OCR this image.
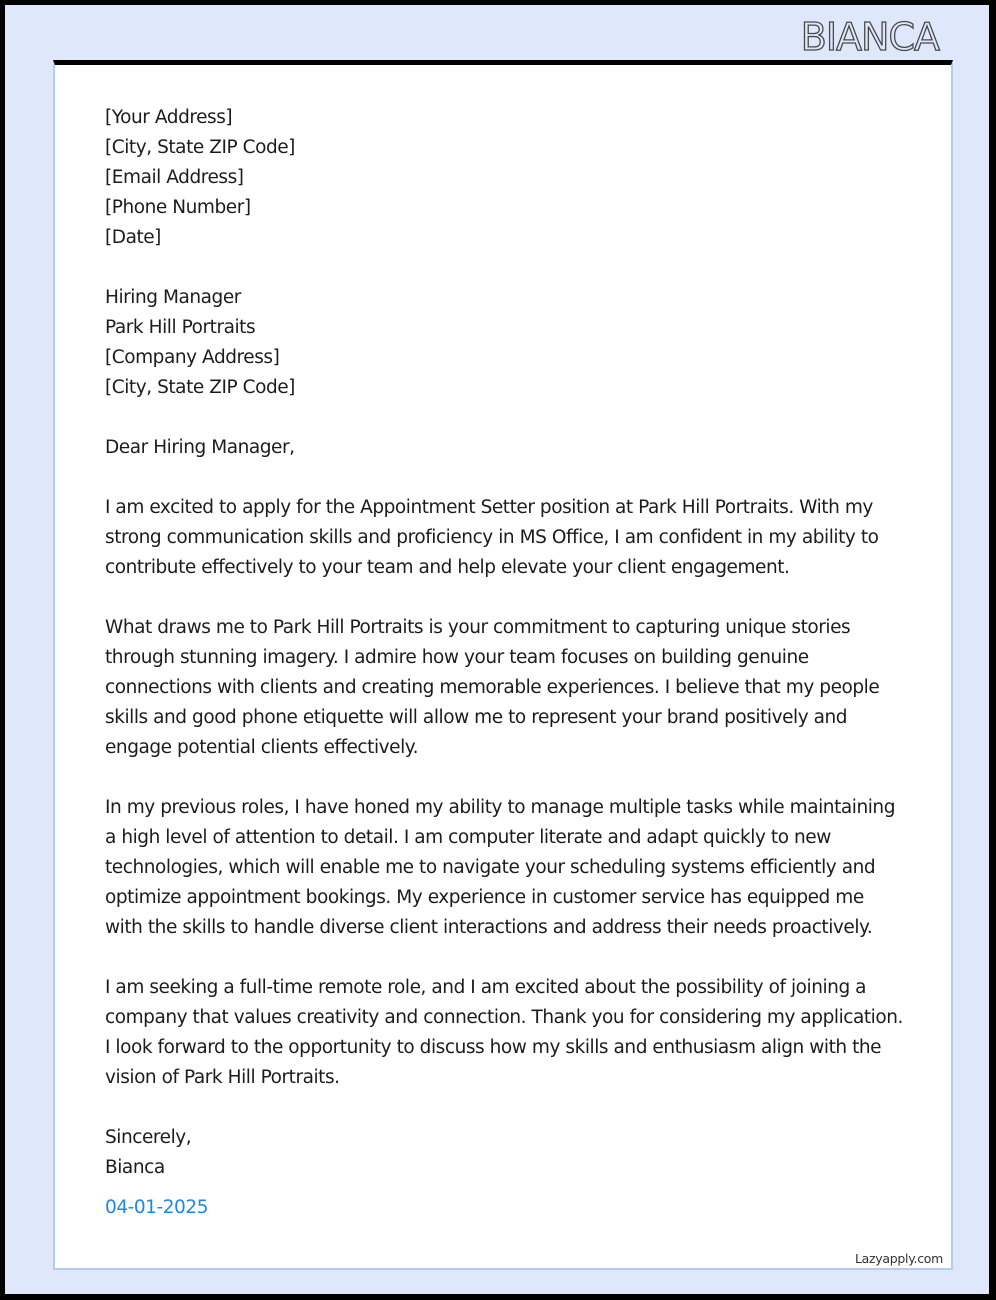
BIANCA
[Your Address]
[City, State ZIP Code]
[Email Address]
[Phone Number]
[Date]
Hiring Manager
Park Hill Portraits
[Company Address]
[City, State ZIP Code]
Dear Hiring Manager,

I am excited to apply for the Appointment Setter position at Park Hill Portraits. With my strong communication skills and proficiency in MS Office, I am confident in my ability to contribute effectively to your team and help elevate your client engagement.

What draws me to Park Hill Portraits is your commitment to capturing unique stories through stunning imagery. I admire how your team focuses on building genuine connections with clients and creating memorable experiences. I believe that my people skills and good phone etiquette will allow me to represent your brand positively and engage potential clients effectively.

In my previous roles, I have honed my ability to manage multiple tasks while maintaining a high level of attention to detail. I am computer literate and adapt quickly to new technologies, which will enable me to navigate your scheduling systems efficiently and optimize appointment bookings. My experience in customer service has equipped me with the skills to handle diverse client interactions and address their needs proactively.

I am seeking a full-time remote role, and I am excited about the possibility of joining a company that values creativity and connection. Thank you for considering my application. I look forward to the opportunity to discuss how my skills and enthusiasm align with the vision of Park Hill Portraits.

Sincerely,
Bianca
04-01-2025
Lazyapply.com
